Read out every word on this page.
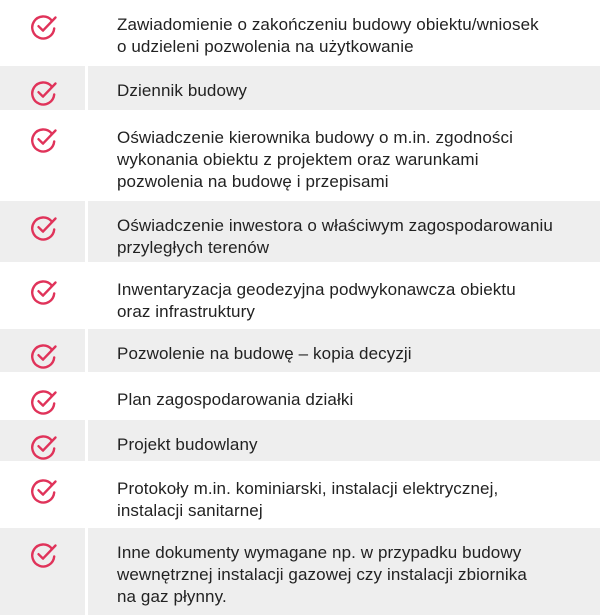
Zawiadomienie o zakończeniu budowy obiektu/wniosek
o udzieleni pozwolenia na użytkowanie
Dziennik budowy
Oświadczenie kierownika budowy o m.in. zgodności
wykonania obiektu z projektem oraz warunkami
pozwolenia na budowę i przepisami
Oświadczenie inwestora o właściwym zagospodarowaniu
przyległych terenów
Inwentaryzacja geodezyjna podwykonawcza obiektu
oraz infrastruktury
Pozwolenie na budowę – kopia decyzji
Plan zagospodarowania działki
Projekt budowlany
Protokoły m.in. kominiarski, instalacji elektrycznej,
instalacji sanitarnej
Inne dokumenty wymagane np. w przypadku budowy
wewnętrznej instalacji gazowej czy instalacji zbiornika
na gaz płynny.
